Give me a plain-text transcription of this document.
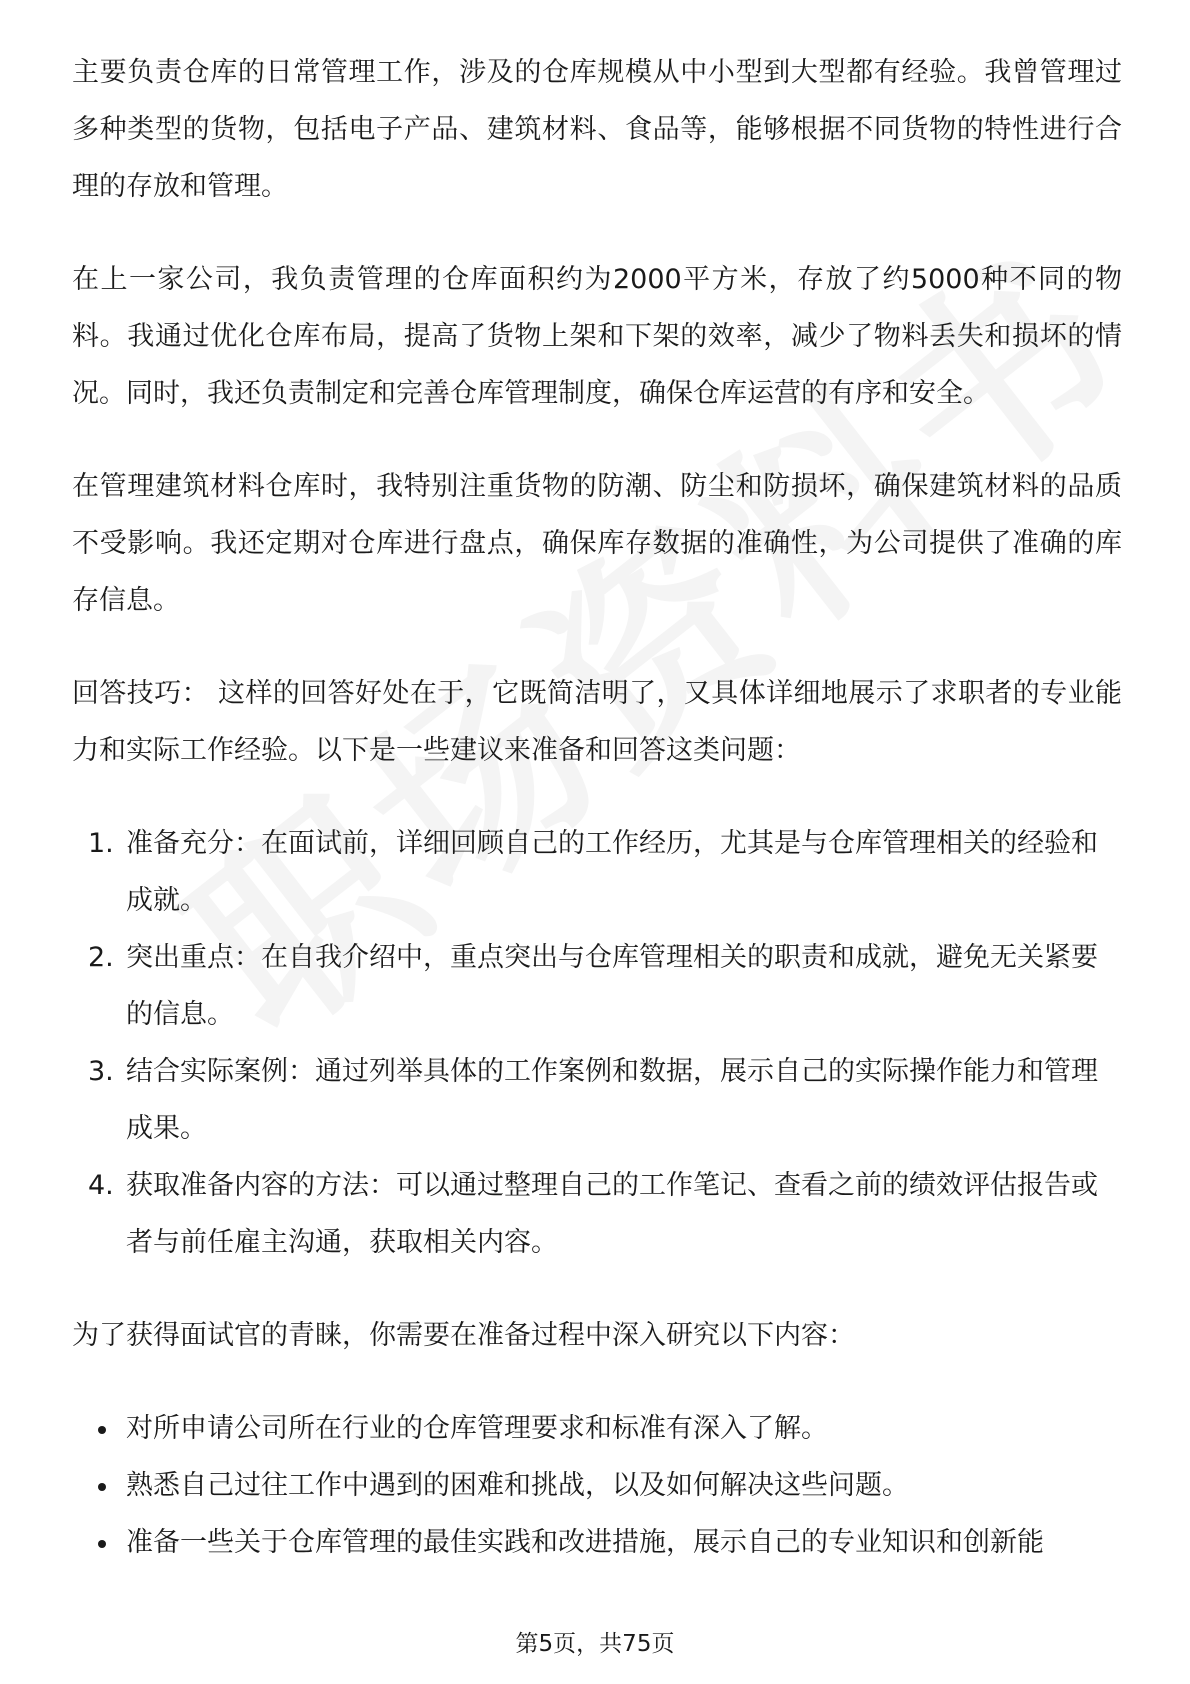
主要负责仓库的日常管理工作，涉及的仓库规模从中小型到大型都有经验。我曾管理过多种类型的货物，包括电子产品、建筑材料、食品等，能够根据不同货物的特性进行合理的存放和管理。

在上一家公司，我负责管理的仓库面积约为2000平方米，存放了约5000种不同的物料。我通过优化仓库布局，提高了货物上架和下架的效率，减少了物料丢失和损坏的情况。同时，我还负责制定和完善仓库管理制度，确保仓库运营的有序和安全。

在管理建筑材料仓库时，我特别注重货物的防潮、防尘和防损坏，确保建筑材料的品质不受影响。我还定期对仓库进行盘点，确保库存数据的准确性，为公司提供了准确的库存信息。

回答技巧： 这样的回答好处在于，它既简洁明了，又具体详细地展示了求职者的专业能力和实际工作经验。以下是一些建议来准备和回答这类问题：

1. 准备充分：在面试前，详细回顾自己的工作经历，尤其是与仓库管理相关的经验和成就。
2. 突出重点：在自我介绍中，重点突出与仓库管理相关的职责和成就，避免无关紧要的信息。
3. 结合实际案例：通过列举具体的工作案例和数据，展示自己的实际操作能力和管理成果。
4. 获取准备内容的方法：可以通过整理自己的工作笔记、查看之前的绩效评估报告或者与前任雇主沟通，获取相关内容。

为了获得面试官的青睐，你需要在准备过程中深入研究以下内容：

对所申请公司所在行业的仓库管理要求和标准有深入了解。
熟悉自己过往工作中遇到的困难和挑战，以及如何解决这些问题。
准备一些关于仓库管理的最佳实践和改进措施，展示自己的专业知识和创新能
第5页，共75页
